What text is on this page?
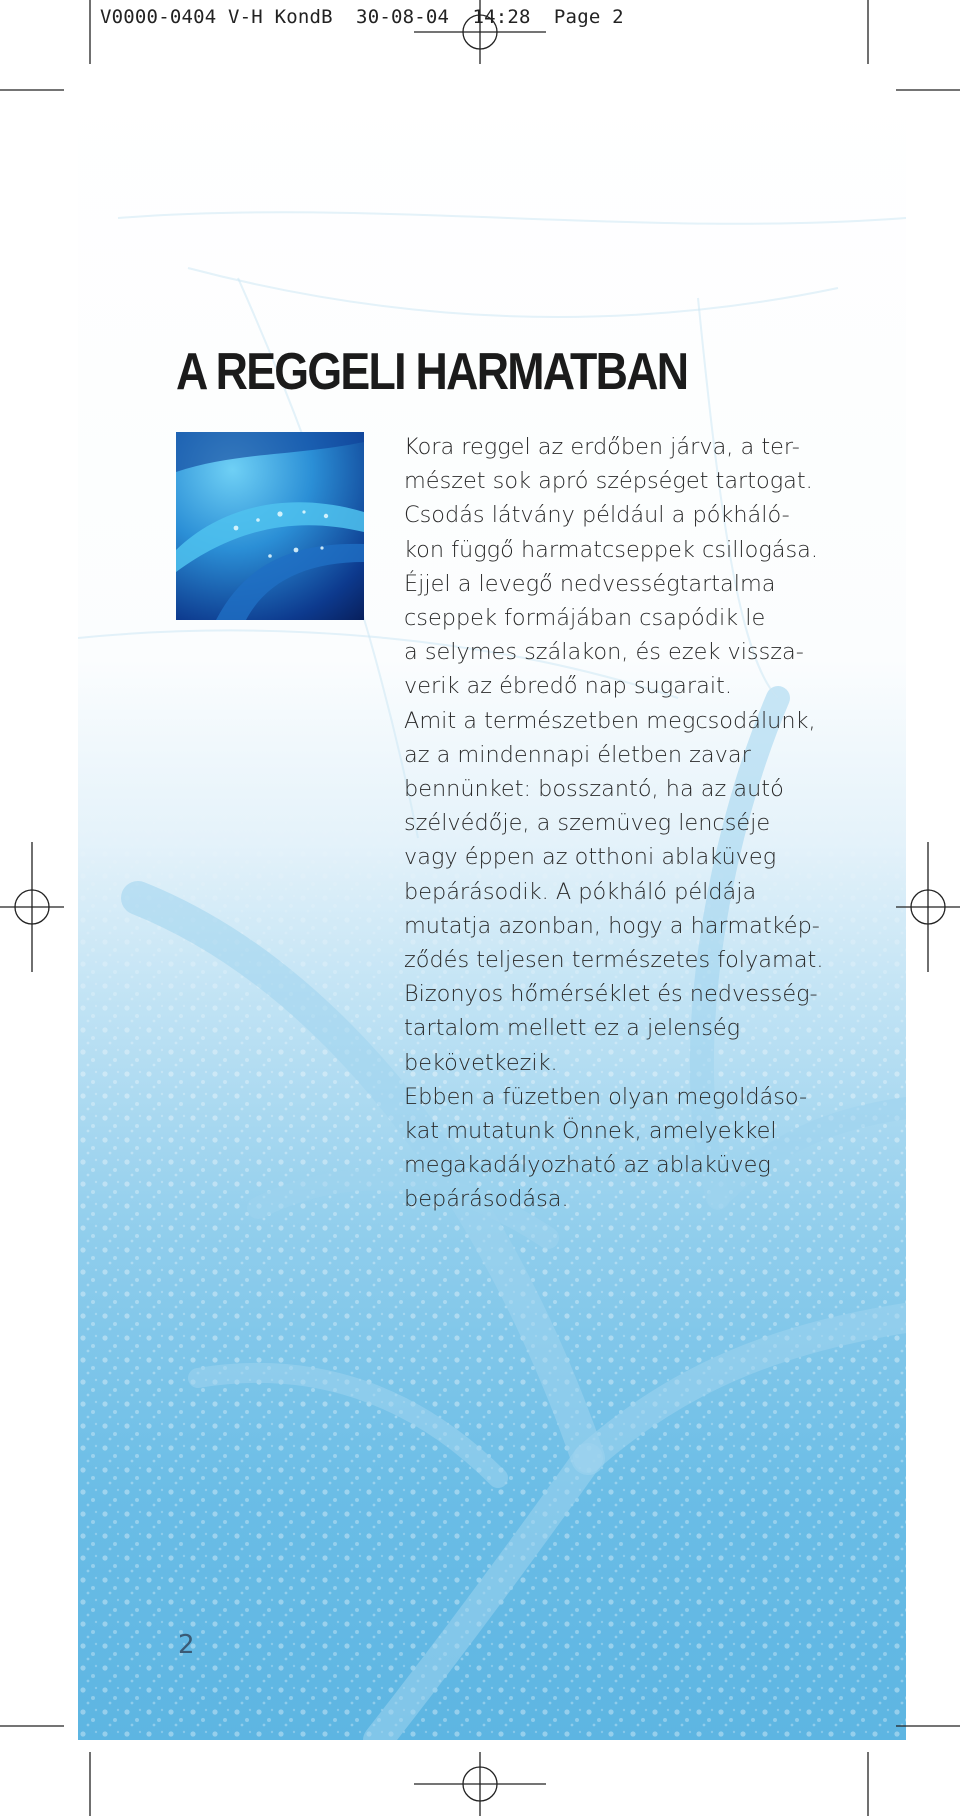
V0000-0404 V-H KondB  30-08-04  14:28  Page 2
A REGGELI HARMATBAN

Kora reggel az erdőben járva, a ter-

mészet sok apró szépséget tartogat.

Csodás látvány például a pókháló-

kon függő harmatcseppek csillogása.

Éjjel a levegő nedvességtartalma

cseppek formájában csapódik le

a selymes szálakon, és ezek vissza-

verik az ébredő nap sugarait.

Amit a természetben megcsodálunk,

az a mindennapi életben zavar

bennünket: bosszantó, ha az autó

szélvédője, a szemüveg lencséje

vagy éppen az otthoni ablaküveg

bepárásodik. A pókháló példája

mutatja azonban, hogy a harmatkép-

ződés teljesen természetes folyamat.

Bizonyos hőmérséklet és nedvesség-

tartalom mellett ez a jelenség

bekövetkezik.

Ebben a füzetben olyan megoldáso-

kat mutatunk Önnek, amelyekkel

megakadályozható az ablaküveg

bepárásodása.

2
